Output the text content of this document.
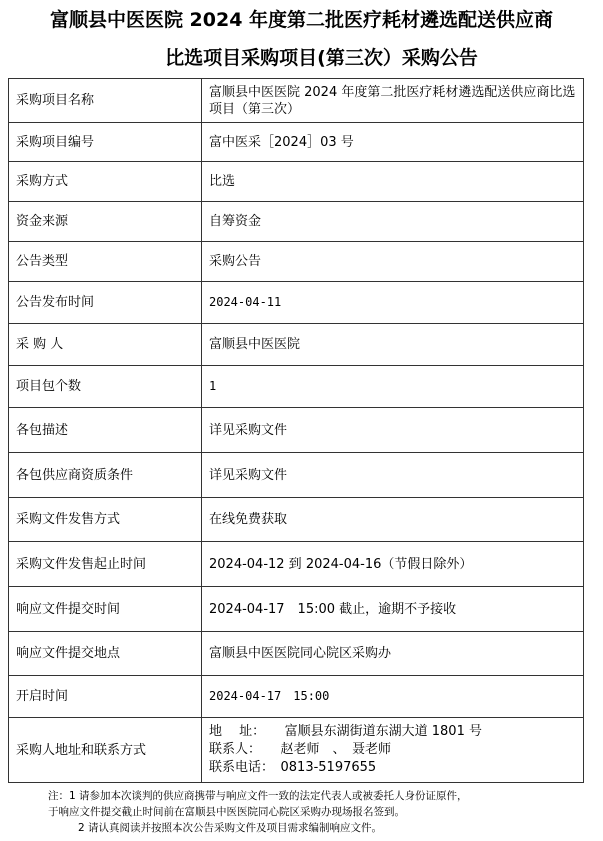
富顺县中医医院 2024 年度第二批医疗耗材遴选配送供应商
比选项目采购项目(第三次）采购公告
采购项目名称	富顺县中医医院 2024 年度第二批医疗耗材遴选配送供应商比选项目（第三次）
采购项目编号	富中医采［2024］03 号
采购方式	比选
资金来源	自筹资金
公告类型	采购公告
公告发布时间	2024-04-11
采 购 人	富顺县中医医院
项目包个数	1
各包描述	详见采购文件
各包供应商资质条件	详见采购文件
采购文件发售方式	在线免费获取
采购文件发售起止时间	2024-04-12 到 2024-04-16（节假日除外）
响应文件提交时间	2024-04-17　15:00 截止，逾期不予接收
响应文件提交地点	富顺县中医医院同心院区采购办
开启时间	2024-04-17　15:00
采购人地址和联系方式	地　 址：　　富顺县东湖街道东湖大道 1801 号
联系人：　　赵老师　、　聂老师
联系电话：　0813-5197655
注：1 请参加本次谈判的供应商携带与响应文件一致的法定代表人或被委托人身份证原件，
于响应文件提交截止时间前在富顺县中医医院同心院区采购办现场报名签到。
2 请认真阅读并按照本次公告采购文件及项目需求编制响应文件。
